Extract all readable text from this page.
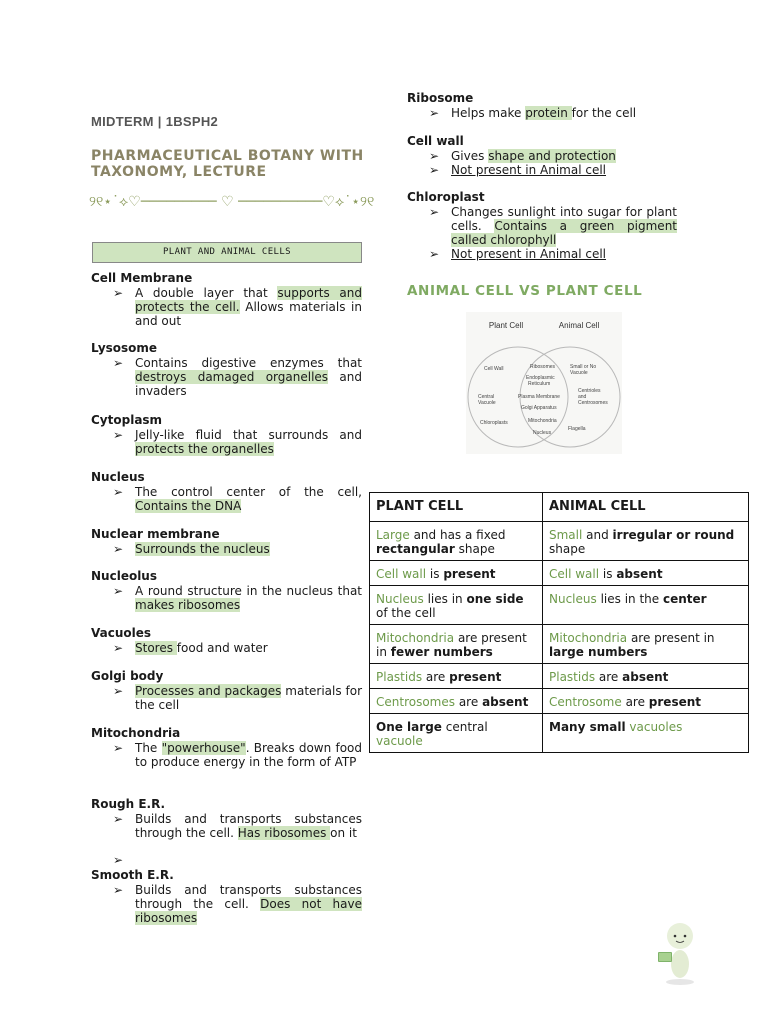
MIDTERM | 1BSPH2
PHARMACEUTICAL BOTANY WITH TAXONOMY, LECTURE
୨୧⋆˙⟡♡───────── ♡ ──────────♡⟡˙⋆୨୧
PLANT AND ANIMAL CELLS
Cell Membrane
➢ A double layer that supports and protects the cell. Allows materials in and out
Lysosome
➢ Contains digestive enzymes that destroys damaged organelles and invaders
Cytoplasm
➢ Jelly-like fluid that surrounds and protects the organelles
Nucleus
➢ The control center of the cell, Contains the DNA
Nuclear membrane
➢ Surrounds the nucleus
Nucleolus
➢ A round structure in the nucleus that makes ribosomes
Vacuoles
➢ Stores food and water
Golgi body
➢ Processes and packages materials for the cell
Mitochondria
➢ The "powerhouse". Breaks down food to produce energy in the form of ATP
Rough E.R.
➢ Builds and transports substances through the cell. Has ribosomes on it
Smooth E.R.
➢ Builds and transports substances through the cell. Does not have ribosomes
➢
Ribosome
➢ Helps make protein for the cell
Cell wall
➢ Gives shape and protection
➢ Not present in Animal cell
Chloroplast
➢ Changes sunlight into sugar for plant cells. Contains a green pigment called chlorophyll
➢ Not present in Animal cell
ANIMAL CELL VS PLANT CELL
Plant Cell	Animal Cell
Cell Wall
Central
Vacuole
Chloroplasts
Ribosomes
Endoplasmic
Reticulum
Plasma Membrane
Golgi Apparatus
Mitochondria
Nucleus
Small or No
Vacuole
Centrioles
and
Centrosomes
Flagella
PLANT CELL	ANIMAL CELL
Large and has a fixed rectangular shape	Small and irregular or round shape
Cell wall is present	Cell wall is absent
Nucleus lies in one side of the cell	Nucleus lies in the center
Mitochondria are present in fewer numbers	Mitochondria are present in large numbers
Plastids are present	Plastids are absent
Centrosomes are absent	Centrosome are present
One large central vacuole	Many small vacuoles
